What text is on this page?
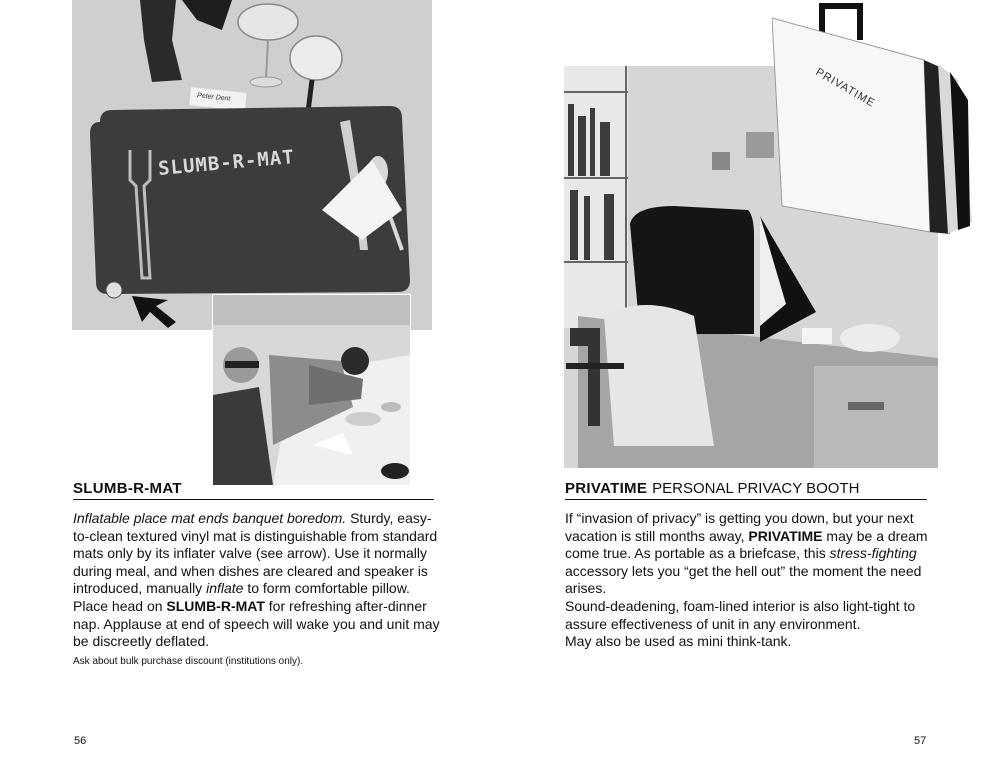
Peter Dent
SLUMB-R-MAT
SLUMB-R-MAT

Inflatable place mat ends banquet boredom. Sturdy, easy-to-clean textured vinyl mat is distinguishable from standard mats only by its inflater valve (see arrow). Use it normally during meal, and when dishes are cleared and speaker is introduced, manually inflate to form comfortable pillow. Place head on SLUMB-R-MAT for refreshing after-dinner nap. Applause at end of speech will wake you and unit may be discreetly deflated.

Ask about bulk purchase discount (institutions only).

56
PRIVATIME
PRIVATIME PERSONAL PRIVACY BOOTH

If “invasion of privacy” is getting you down, but your next vacation is still months away, PRIVATIME may be a dream come true. As portable as a briefcase, this stress-fighting accessory lets you “get the hell out” the moment the need arises.

Sound-deadening, foam-lined interior is also light-tight to assure effectiveness of unit in any environment.

May also be used as mini think-tank.

57
